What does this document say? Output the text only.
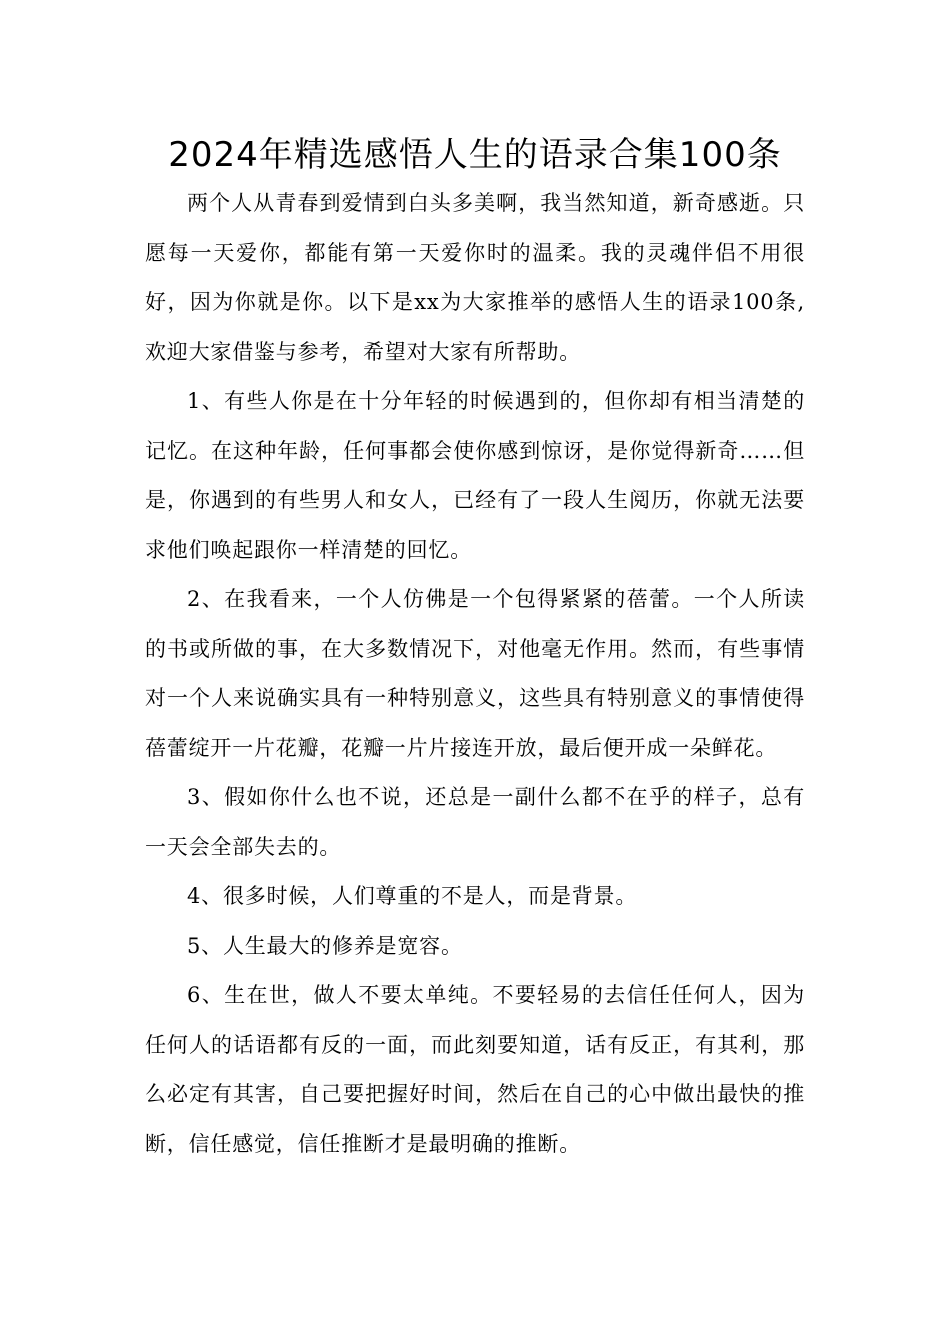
2024年精选感悟人生的语录合集100条

两个人从青春到爱情到白头多美啊，我当然知道，新奇感逝。只愿每一天爱你，都能有第一天爱你时的温柔。我的灵魂伴侣不用很好，因为你就是你。以下是xx为大家推举的感悟人生的语录100条,欢迎大家借鉴与参考，希望对大家有所帮助。

1、有些人你是在十分年轻的时候遇到的，但你却有相当清楚的记忆。在这种年龄，任何事都会使你感到惊讶，是你觉得新奇……但是，你遇到的有些男人和女人，已经有了一段人生阅历，你就无法要求他们唤起跟你一样清楚的回忆。

2、在我看来，一个人仿佛是一个包得紧紧的蓓蕾。一个人所读的书或所做的事，在大多数情况下，对他毫无作用。然而，有些事情对一个人来说确实具有一种特别意义，这些具有特别意义的事情使得蓓蕾绽开一片花瓣，花瓣一片片接连开放，最后便开成一朵鲜花。

3、假如你什么也不说，还总是一副什么都不在乎的样子，总有一天会全部失去的。

4、很多时候，人们尊重的不是人，而是背景。

5、人生最大的修养是宽容。

6、生在世，做人不要太单纯。不要轻易的去信任任何人，因为任何人的话语都有反的一面，而此刻要知道，话有反正，有其利，那么必定有其害，自己要把握好时间，然后在自己的心中做出最快的推断，信任感觉，信任推断才是最明确的推断。
